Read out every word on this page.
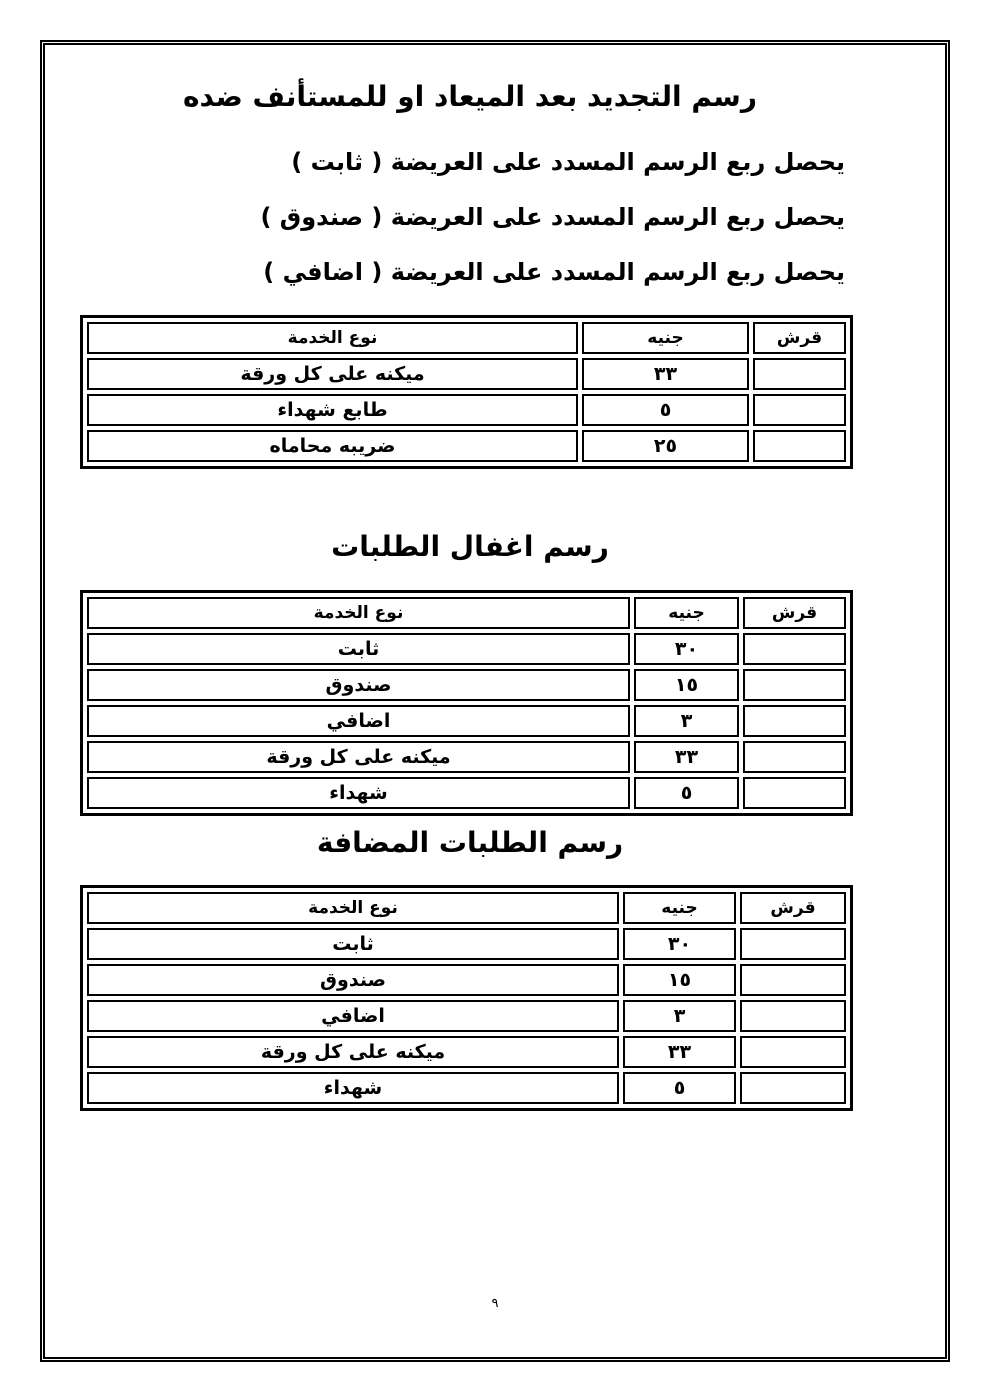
رسم التجديد بعد الميعاد او للمستأنف ضده

يحصل ربع الرسم المسدد على العريضة ( ثابت )

يحصل ربع الرسم المسدد على العريضة ( صندوق )

يحصل ربع الرسم المسدد على العريضة ( اضافي )

قرش	جنيه	نوع الخدمة
	٣٣	ميكنه على كل ورقة
	٥	طابع شهداء
	٢٥	ضريبه محاماه
رسم اغفال الطلبات
قرش	جنيه	نوع الخدمة
	٣٠	ثابت
	١٥	صندوق
	٣	اضافي
	٣٣	ميكنه على كل ورقة
	٥	شهداء
رسم الطلبات المضافة
قرش	جنيه	نوع الخدمة
	٣٠	ثابت
	١٥	صندوق
	٣	اضافي
	٣٣	ميكنه على كل ورقة
	٥	شهداء

٩
